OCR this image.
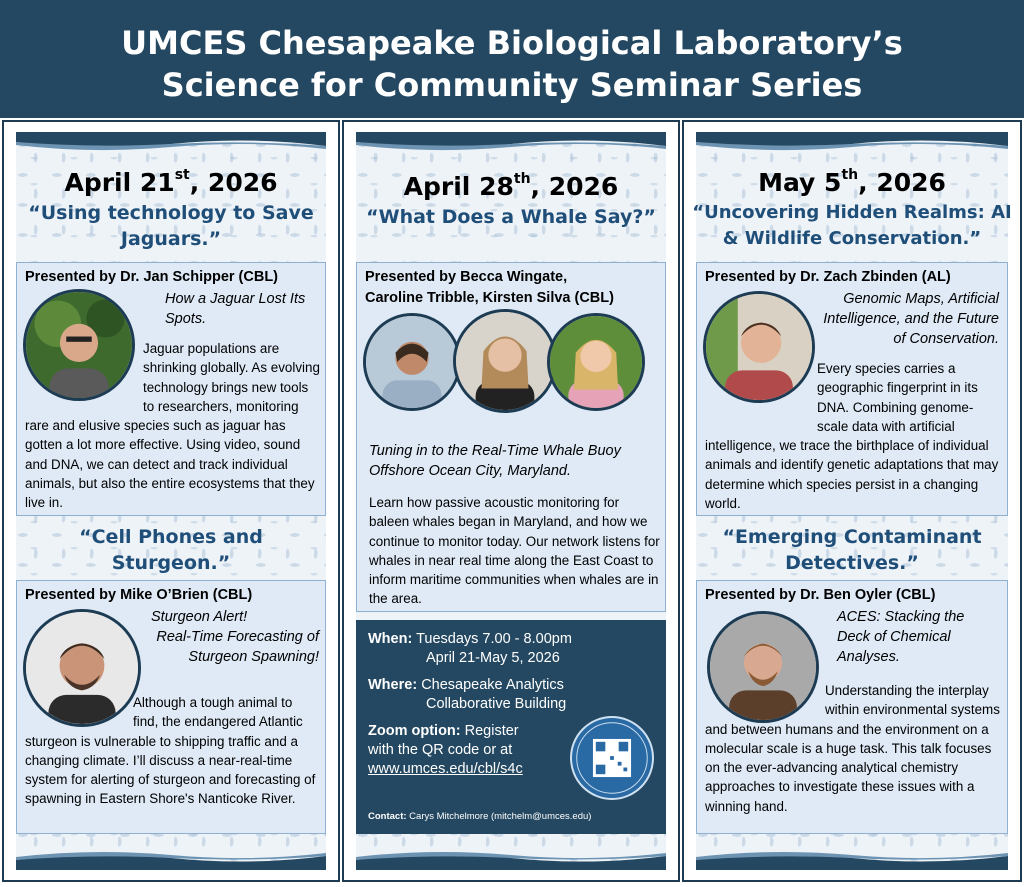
UMCES Chesapeake Biological Laboratory’s
Science for Community Seminar Series
April 21st, 2026
“Using technology to Save Jaguars.”
Presented by Dr. Jan Schipper (CBL)
How a Jaguar Lost Its Spots.
Jaguar populations are shrinking globally. As evolving technology brings new tools to researchers, monitoring rare and elusive species such as jaguar has gotten a lot more effective. Using video, sound and DNA, we can detect and track individual animals, but also the entire ecosystems that they live in.
“Cell Phones and Sturgeon.”
Presented by Mike O’Brien (CBL)
Sturgeon Alert!
Real-Time Forecasting of Sturgeon Spawning!
Although a tough animal to find, the endangered Atlantic sturgeon is vulnerable to shipping traffic and a changing climate. I’ll discuss a near-real-time system for alerting of sturgeon and forecasting of spawning in Eastern Shore's Nanticoke River.
April 28th, 2026
“What Does a Whale Say?”
Presented by Becca Wingate,
Caroline Tribble, Kirsten Silva (CBL)
Tuning in to the Real-Time Whale Buoy Offshore Ocean City, Maryland.
Learn how passive acoustic monitoring for baleen whales began in Maryland, and how we continue to monitor today. Our network listens for whales in near real time along the East Coast to inform maritime communities when whales are in the area.
When: Tuesdays 7.00 - 8.00pm
April 21-May 5, 2026
Where: Chesapeake Analytics
Collaborative Building
Zoom option: Register
with the QR code or at
www.umces.edu/cbl/s4c
Contact: Carys Mitchelmore (mitchelm@umces.edu)
May 5th, 2026
“Uncovering Hidden Realms: AI & Wildlife Conservation.”
Presented by Dr. Zach Zbinden (AL)
Genomic Maps, Artificial Intelligence, and the Future of Conservation.
Every species carries a geographic fingerprint in its DNA. Combining genome-scale data with artificial intelligence, we trace the birthplace of individual animals and identify genetic adaptations that may determine which species persist in a changing world.
“Emerging Contaminant Detectives.”
Presented by Dr. Ben Oyler (CBL)
ACES: Stacking the Deck of Chemical Analyses.
Understanding the interplay within environmental systems and between humans and the environment on a molecular scale is a huge task. This talk focuses on the ever-advancing analytical chemistry approaches to investigate these issues with a winning hand.
